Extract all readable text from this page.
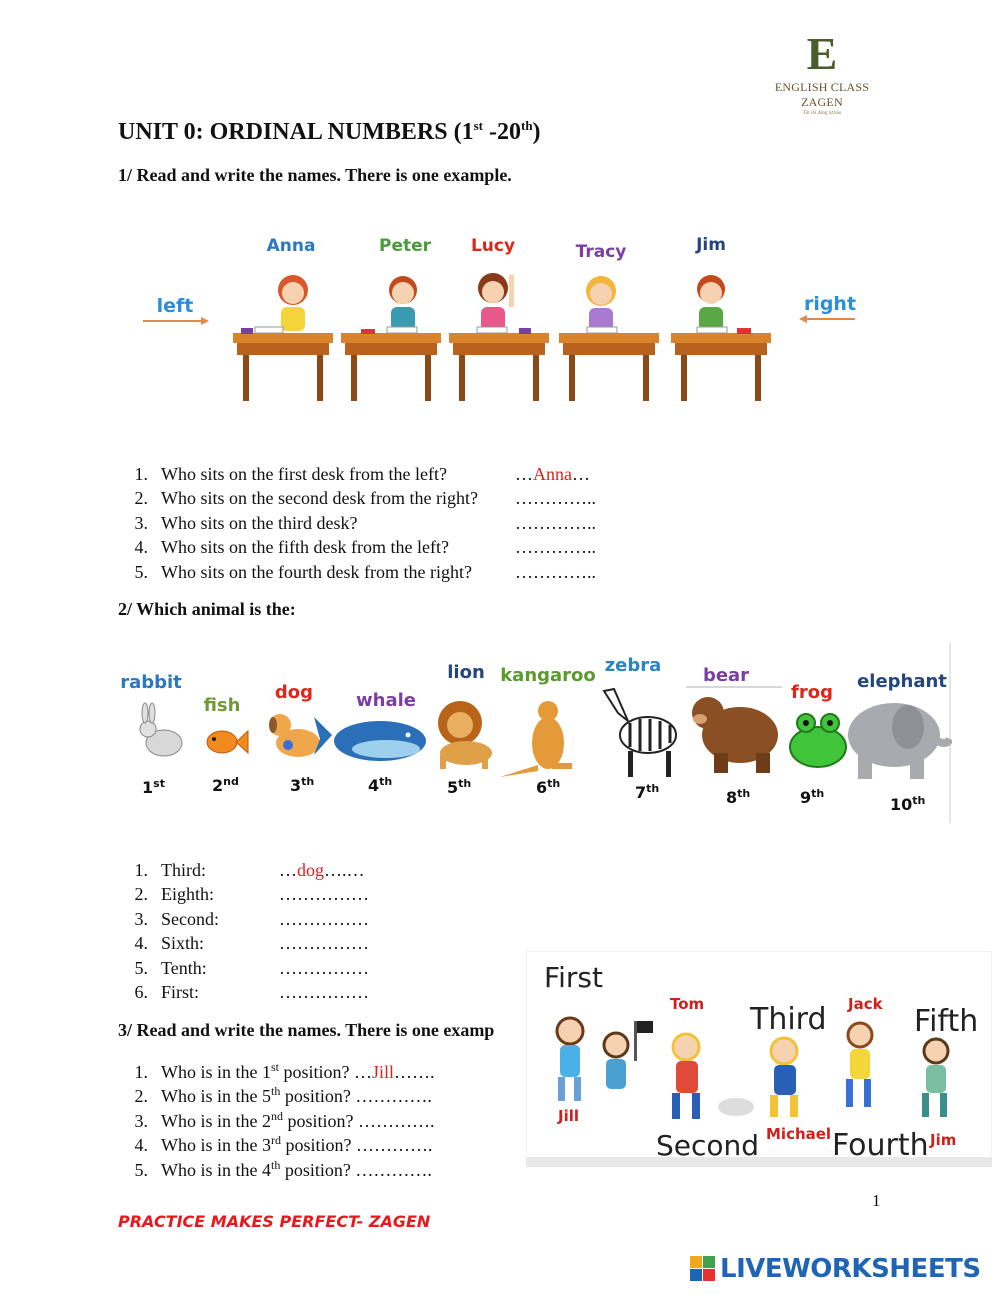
E
ENGLISH CLASS ZAGEN
Tốt rồi đáng tự hào
UNIT 0: ORDINAL NUMBERS (1st -20th)
1/ Read and write the names. There is one example.
left	right
Anna	Peter Lucy	Tracy	Jim
1. Who sits on the first desk from the left?	…Anna…
2. Who sits on the second desk from the right? …………..
3. Who sits on the third desk?	…………..
4. Who sits on the fifth desk from the left?	…………..
5. Who sits on the fourth desk from the right? …………..
2/ Which animal is the:
rabbit
fish
dog whale
lion kangaroo zebra bear
frog
elephant
1st	2nd	3th	4th	5th	6th	7th	8th	9th
10th
1. Third:	…dog….…
2. Eighth:	……………
3. Second:	……………
4. Sixth:	……………
5. Tenth:	……………
6. First:	……………
3/ Read and write the names. There is one examp
First
Third	Fifth
Second Fourth
Tom	Jack
Jill
Michael	Jim
1. Who is in the 1st position? …Jill…….
2. Who is in the 5th position? ………….
3. Who is in the 2nd position? ………….
4. Who is in the 3rd position? ………….
5. Who is in the 4th position? ………….
1
PRACTICE MAKES PERFECT- ZAGEN
LIVEWORKSHEETS
